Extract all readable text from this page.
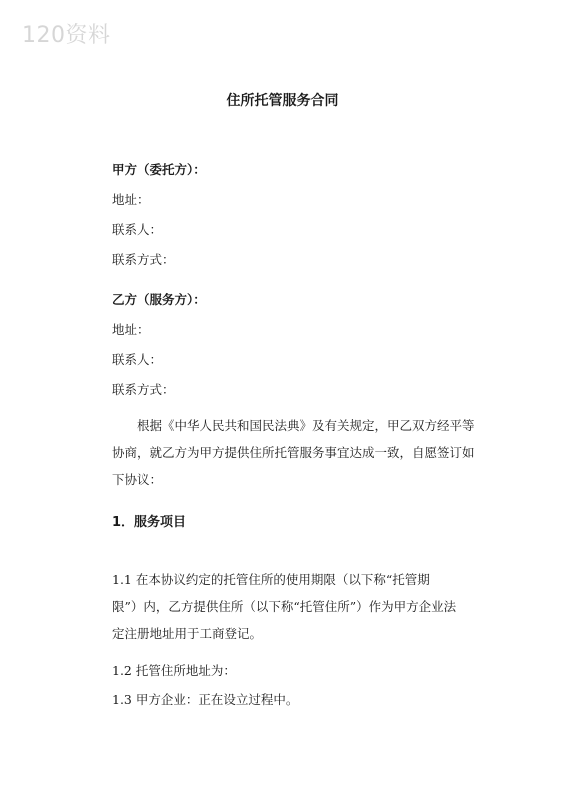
120资料
住所托管服务合同
甲方（委托方）：
地址：
联系人：
联系方式：
乙方（服务方）：
地址：
联系人：
联系方式：
根据《中华人民共和国民法典》及有关规定，甲乙双方经平等
协商，就乙方为甲方提供住所托管服务事宜达成一致，自愿签订如
下协议：
1．服务项目
1.1 在本协议约定的托管住所的使用期限（以下称“托管期
限”）内，乙方提供住所（以下称“托管住所”）作为甲方企业法
定注册地址用于工商登记。
1.2 托管住所地址为：
1.3 甲方企业：正在设立过程中。
